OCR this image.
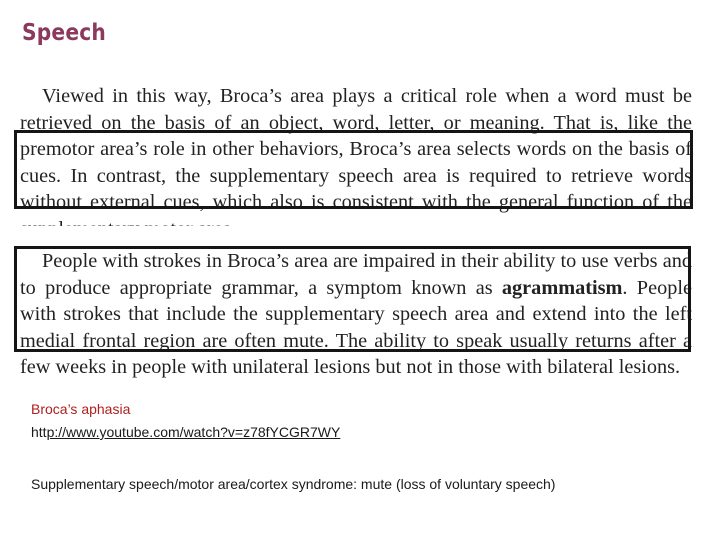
Speech

Viewed in this way, Broca’s area plays a critical role when a word must be retrieved on the basis of an object, word, letter, or meaning. That is, like the premotor area’s role in other behaviors, Broca’s area selects words on the basis of cues. In contrast, the supplementary speech area is required to retrieve words without external cues, which also is consistent with the general function of the

People with strokes in Broca’s area are impaired in their ability to use verbs and to produce appropriate grammar, a symptom known as agrammatism. People with strokes that include the supplementary speech area and extend into the left medial frontal region are often mute. The ability to speak usually returns after a few weeks in people with unilateral lesions but not in those with bilateral lesions.

Broca’s aphasia
http://www.youtube.com/watch?v=z78fYCGR7WY
Supplementary speech/motor area/cortex syndrome: mute (loss of voluntary speech)
